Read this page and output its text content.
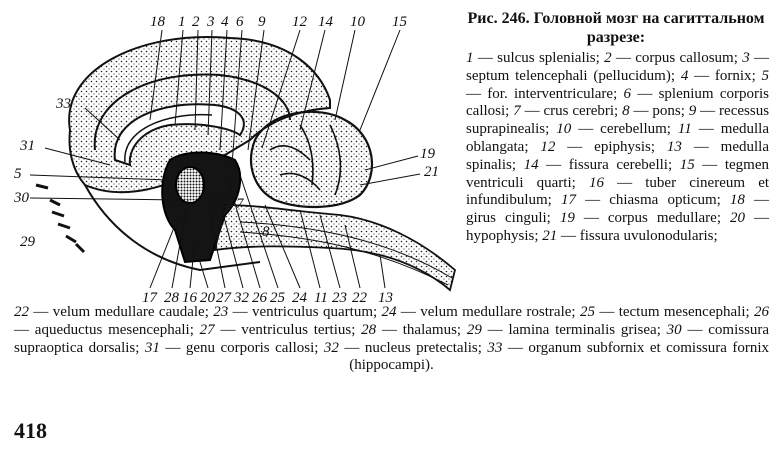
18 1 2 3 4 6 9 12 14 10 15
33
31
5
30
29
19
21
7 7
8
17 28 16 20 27 32 26 25 24 11 23 22 13
Рис. 246. Головной мозг на сагиттальном разрезе:

1 — sulcus splenialis; 2 — corpus callosum; 3 — septum telencephali (pellucidum); 4 — fornix; 5 — for. interventriculare; 6 — splenium corporis callosi; 7 — crus cerebri; 8 — pons; 9 — recessus suprapinealis; 10 — cerebellum; 11 — medulla oblangata; 12 — epiphysis; 13 — medulla spinalis; 14 — fissura cerebelli; 15 — tegmen ventriculi quarti; 16 — tuber cinereum et infundibulum; 17 — chiasma opticum; 18 — girus cinguli; 19 — corpus medullare; 20 — hypophysis; 21 — fissura uvulonodularis;

22 — velum medullare caudale; 23 — ventriculus quartum; 24 — velum medullare rostrale; 25 — tectum mesencephali; 26 — aqueductus mesencephali; 27 — ventriculus tertius; 28 — thalamus; 29 — lamina terminalis grisea; 30 — comissura supraoptica dorsalis; 31 — genu corporis callosi; 32 — nucleus pretectalis; 33 — organum subfornix et comissura fornix (hippocampi).

418
